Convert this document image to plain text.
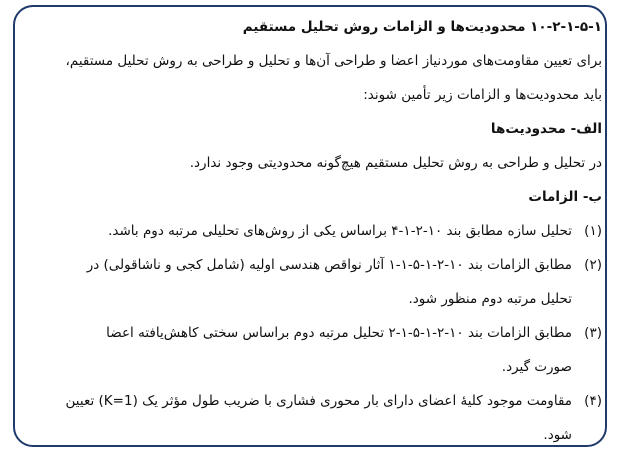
۱۰-۲-۱-۵-۱ محدودیت‌ها و الزامات روش تحلیل مستقیم
برای تعیین مقاومت‌های موردنیاز اعضا و طراحی آن‌ها و تحلیل و طراحی به روش تحلیل مستقیم،
باید محدودیت‌ها و الزامات زیر تأمین شوند:
الف- محدودیت‌ها
در تحلیل و طراحی به روش تحلیل مستقیم هیچ‌گونه محدودیتی وجود ندارد.
ب- الزامات
(۱)
تحلیل سازه مطابق بند ۱۰-۲-۱-۴ براساس یکی از روش‌های تحلیلی مرتبه دوم باشد.
(۲)
مطابق الزامات بند ۱۰-۲-۱-۵-۱-۱ آثار نواقص هندسی اولیه (شامل کجی و ناشاقولی) در
تحلیل مرتبه دوم منظور شود.
(۳)
مطابق الزامات بند ۱۰-۲-۱-۵-۱-۲ تحلیل مرتبه دوم براساس سختی کاهش‌یافته اعضا
صورت گیرد.
(۴)
مقاومت موجود کلیهٔ اعضای دارای بار محوری فشاری با ضریب طول مؤثر یک (K=1) تعیین
شود.
